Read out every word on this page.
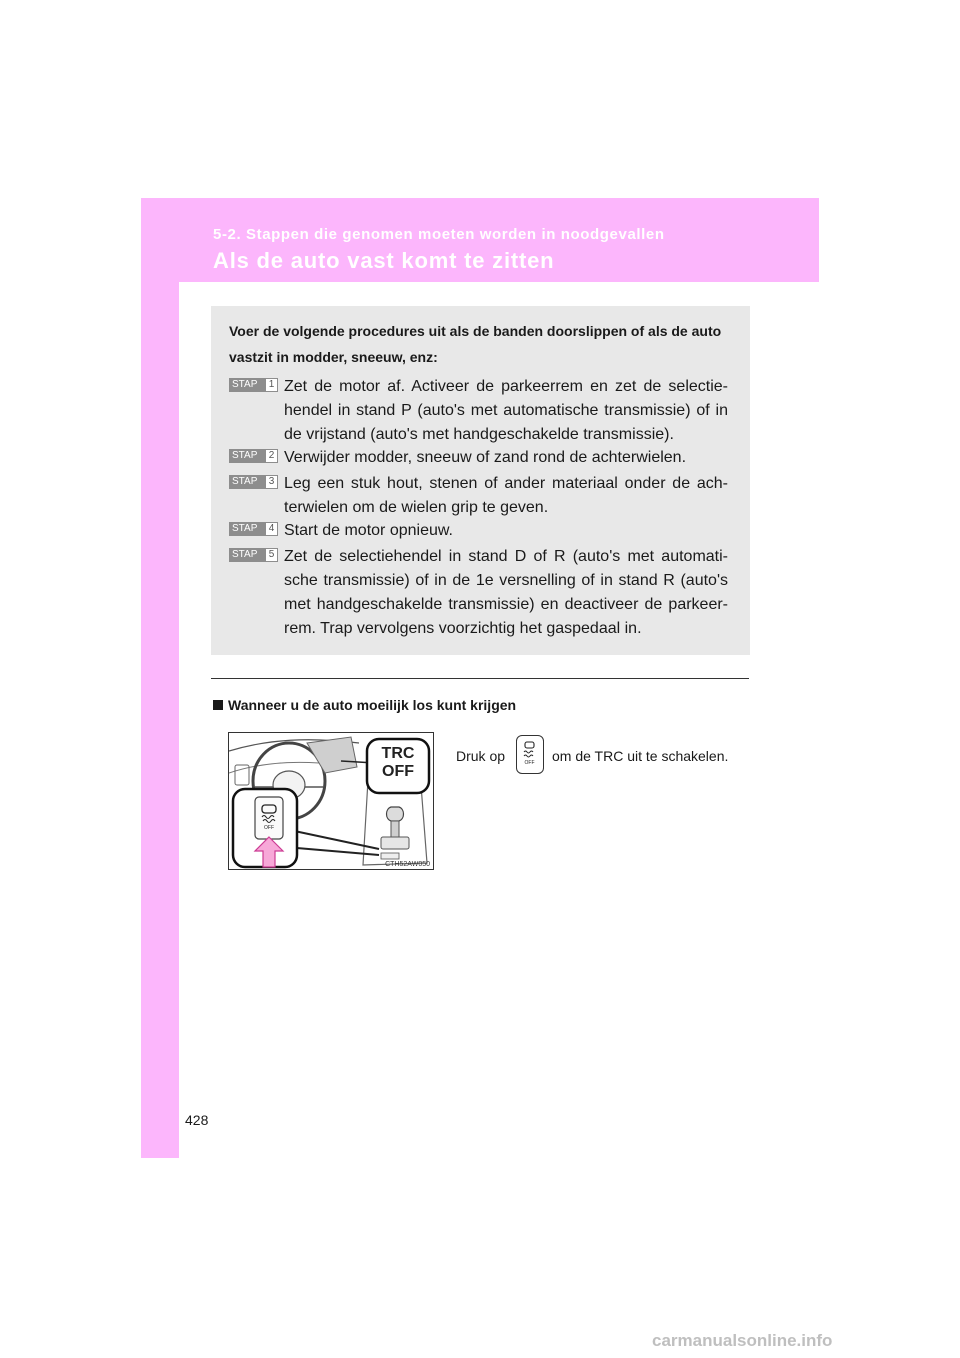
5-2. Stappen die genomen moeten worden in noodgevallen
Als de auto vast komt te zitten
Voer de volgende procedures uit als de banden doorslippen of als de auto vastzit in modder, sneeuw, enz:
STAP	1 Zet de motor af. Activeer de parkeerrem en zet de selectie-hendel in stand P (auto's met automatische transmissie) of in de vrijstand (auto's met handgeschakelde transmissie).
STAP	2 Verwijder modder, sneeuw of zand rond de achterwielen.
STAP	3 Leg een stuk hout, stenen of ander materiaal onder de ach-terwielen om de wielen grip te geven.
STAP	4 Start de motor opnieuw.
STAP	5 Zet de selectiehendel in stand D of R (auto's met automati-sche transmissie) of in de 1e versnelling of in stand R (auto's met handgeschakelde transmissie) en deactiveer de parkeer-rem. Trap vervolgens voorzichtig het gaspedaal in.
Wanneer u de auto moeilijk los kunt krijgen
TRC
OFF
OFF
CTH52AW050
Druk op	om de TRC uit te schakelen.
OFF
428
carmanualsonline.info
